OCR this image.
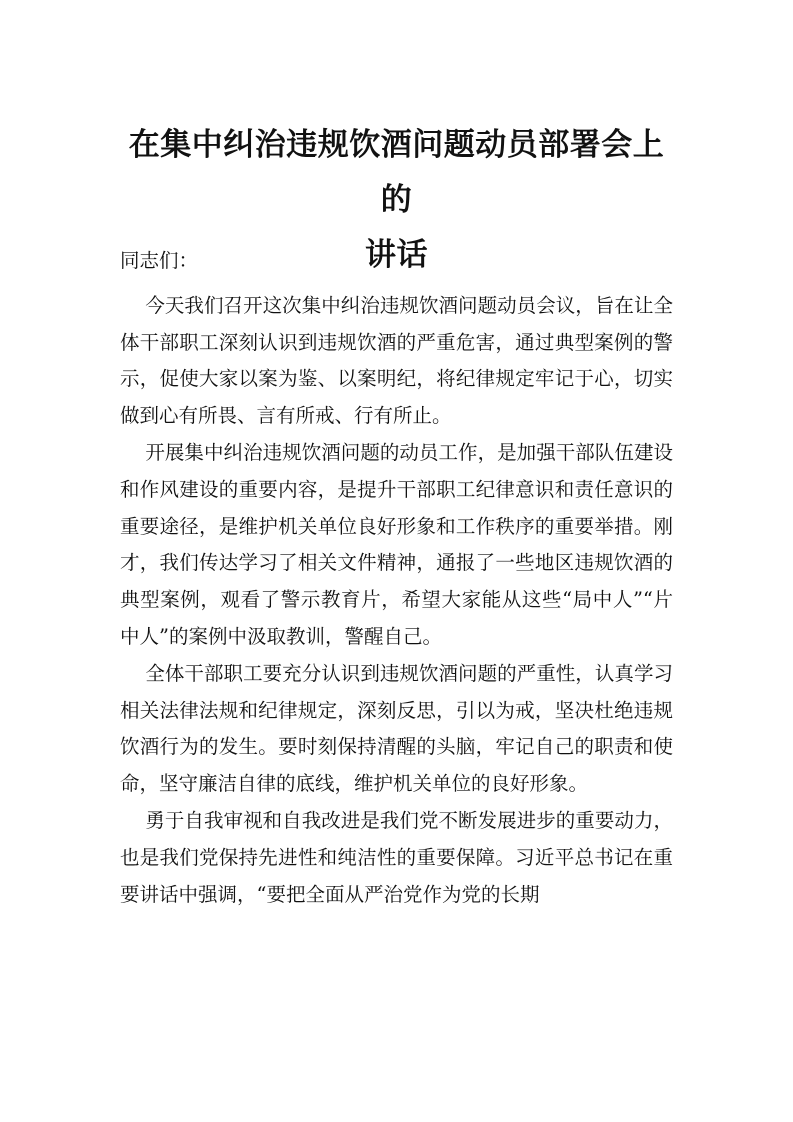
在集中纠治违规饮酒问题动员部署会上的
讲话

同志们：

今天我们召开这次集中纠治违规饮酒问题动员会议，旨在让全体干部职工深刻认识到违规饮酒的严重危害，通过典型案例的警示，促使大家以案为鉴、以案明纪，将纪律规定牢记于心，切实做到心有所畏、言有所戒、行有所止。

开展集中纠治违规饮酒问题的动员工作，是加强干部队伍建设和作风建设的重要内容，是提升干部职工纪律意识和责任意识的重要途径，是维护机关单位良好形象和工作秩序的重要举措。刚才，我们传达学习了相关文件精神，通报了一些地区违规饮酒的典型案例，观看了警示教育片，希望大家能从这些“局中人”“片中人”的案例中汲取教训，警醒自己。

全体干部职工要充分认识到违规饮酒问题的严重性，认真学习相关法律法规和纪律规定，深刻反思，引以为戒，坚决杜绝违规饮酒行为的发生。要时刻保持清醒的头脑，牢记自己的职责和使命，坚守廉洁自律的底线，维护机关单位的良好形象。

勇于自我审视和自我改进是我们党不断发展进步的重要动力，也是我们党保持先进性和纯洁性的重要保障。习近平总书记在重要讲话中强调，“要把全面从严治党作为党的长期
